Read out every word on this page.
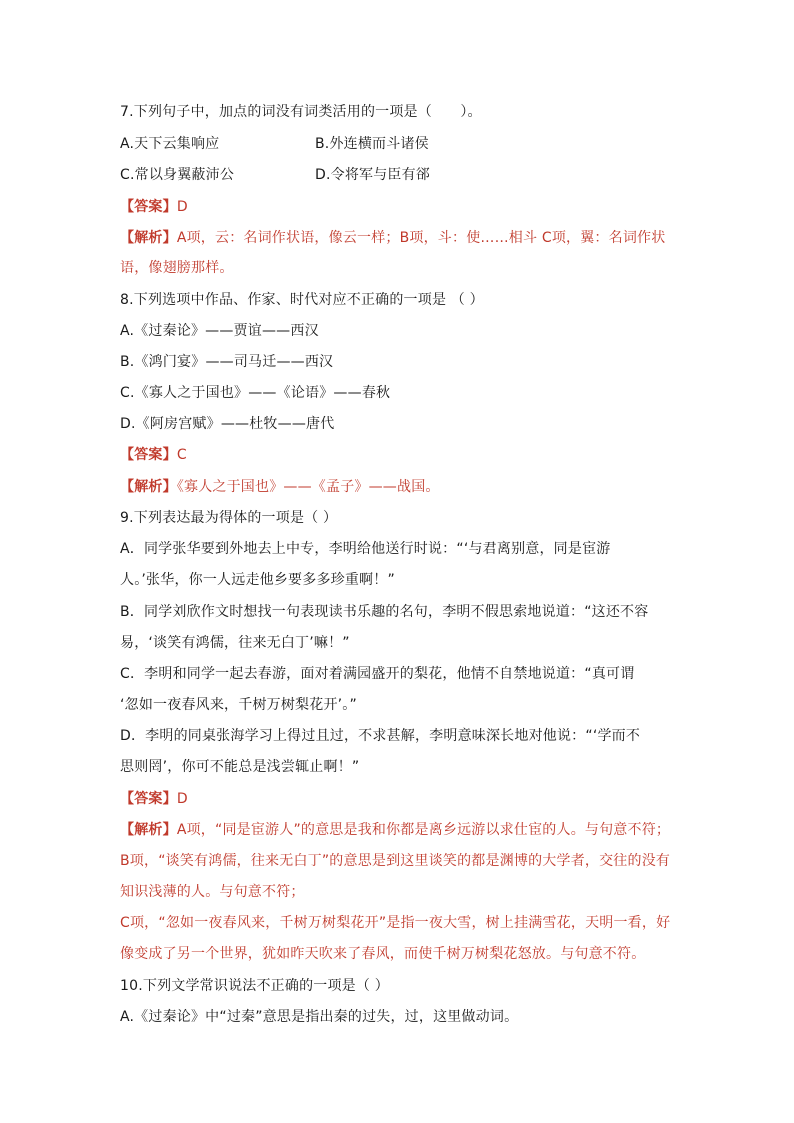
7.下列句子中，加点的词没有词类活用的一项是（　　）。
A.天下云集响应	B.外连横而斗诸侯
C.常以身翼蔽沛公	D.令将军与臣有郤
【答案】D
【解析】A项，云：名词作状语，像云一样；B项，斗：使……相斗 C项，翼：名词作状
语，像翅膀那样。
8.下列选项中作品、作家、时代对应不正确的一项是 （ ）
A.《过秦论》——贾谊——西汉
B.《鸿门宴》——司马迁——西汉
C.《寡人之于国也》——《论语》——春秋
D.《阿房宫赋》——杜牧——唐代
【答案】C
【解析】《寡人之于国也》——《孟子》——战国。
9.下列表达最为得体的一项是（ ）
A．同学张华要到外地去上中专，李明给他送行时说：“‘与君离别意，同是宦游
人。’张华，你一人远走他乡要多多珍重啊！”
B．同学刘欣作文时想找一句表现读书乐趣的名句，李明不假思索地说道：“这还不容
易，‘谈笑有鸿儒，往来无白丁’嘛！”
C．李明和同学一起去春游，面对着满园盛开的梨花，他情不自禁地说道：“真可谓
‘忽如一夜春风来，千树万树梨花开’。”
D．李明的同桌张海学习上得过且过，不求甚解，李明意味深长地对他说：“‘学而不
思则罔’，你可不能总是浅尝辄止啊！”
【答案】D
【解析】A项，“同是宦游人”的意思是我和你都是离乡远游以求仕宦的人。与句意不符；
B项，“谈笑有鸿儒，往来无白丁”的意思是到这里谈笑的都是渊博的大学者，交往的没有
知识浅薄的人。与句意不符；
C项，“忽如一夜春风来，千树万树梨花开”是指一夜大雪，树上挂满雪花，天明一看，好
像变成了另一个世界，犹如昨天吹来了春风，而使千树万树梨花怒放。与句意不符。
10.下列文学常识说法不正确的一项是（ ）
A.《过秦论》中“过秦”意思是指出秦的过失，过，这里做动词。
